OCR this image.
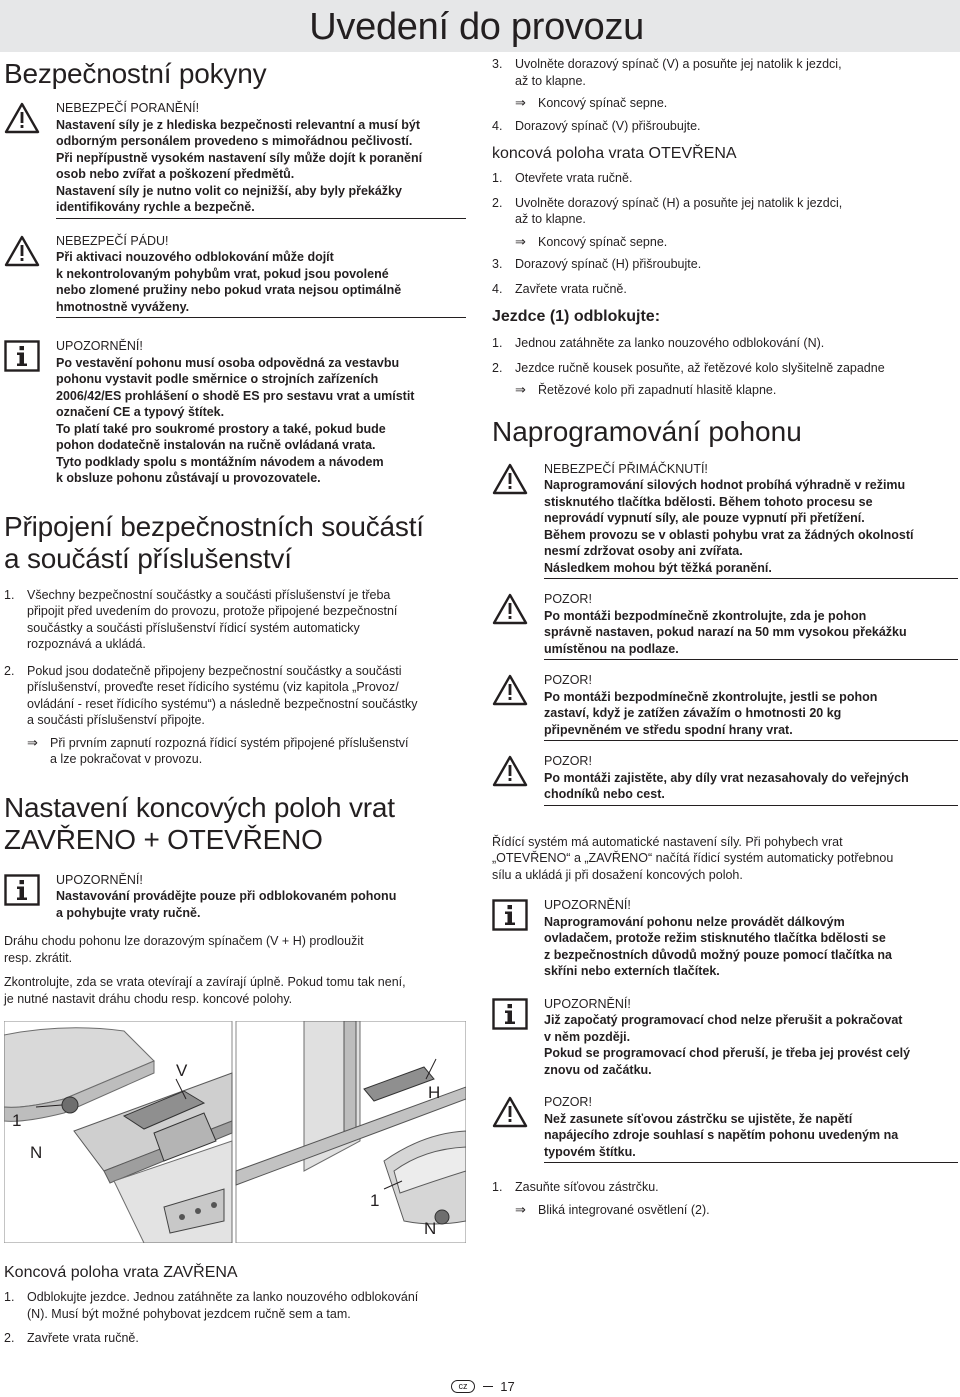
Uvedení do provozu
Bezpečnostní pokyny
NEBEZPEČÍ PORANĚNÍ!
Nastavení síly je z hlediska bezpečnosti relevantní a musí být
odborným personálem provedeno s mimořádnou pečlivostí.
Při nepřípustně vysokém nastavení síly může dojít k poranění
osob nebo zvířat a poškození předmětů.
Nastavení síly je nutno volit co nejnižší, aby byly překážky
identifikovány rychle a bezpečně.
NEBEZPEČÍ PÁDU!
Při aktivaci nouzového odblokování může dojít
k nekontrolovaným pohybům vrat, pokud jsou povolené
nebo zlomené pružiny nebo pokud vrata nejsou optimálně
hmotnostně vyváženy.
UPOZORNĚNÍ!
Po vestavění pohonu musí osoba odpovědná za vestavbu
pohonu vystavit podle směrnice o strojních zařízeních
2006/42/ES prohlášení o shodě ES pro sestavu vrat a umístit
označení CE a typový štítek.
To platí také pro soukromé prostory a také, pokud bude
pohon dodatečně instalován na ručně ovládaná vrata.
Tyto podklady spolu s montážním návodem a návodem
k obsluze pohonu zůstávají u provozovatele.
Připojení bezpečnostních součástí
a součástí příslušenství
1. Všechny bezpečnostní součástky a součásti příslušenství je třeba
připojit před uvedením do provozu, protože připojené bezpečnostní
součástky a součásti příslušenství řídicí systém automaticky
rozpoznává a ukládá.
2. Pokud jsou dodatečně připojeny bezpečnostní součástky a součásti
příslušenství, proveďte reset řídicího systému (viz kapitola „Provoz/
ovládání - reset řídicího systému“) a následně bezpečnostní součástky
a součásti příslušenství připojte.
⇒ Při prvním zapnutí rozpozná řídicí systém připojené příslušenství
a lze pokračovat v provozu.
Nastavení koncových poloh vrat
ZAVŘENO + OTEVŘENO
UPOZORNĚNÍ!
Nastavování provádějte pouze při odblokovaném pohonu
a pohybujte vraty ručně.
Dráhu chodu pohonu lze dorazovým spínačem (V + H) prodloužit
resp. zkrátit.
Zkontrolujte, zda se vrata otevírají a zavírají úplně. Pokud tomu tak není,
je nutné nastavit dráhu chodu resp. koncové polohy.
V
H
1
N
1
N
Koncová poloha vrata ZAVŘENA
1. Odblokujte jezdce. Jednou zatáhněte za lanko nouzového odblokování
(N). Musí být možné pohybovat jezdcem ručně sem a tam.
2. Zavřete vrata ručně.
3. Uvolněte dorazový spínač (V) a posuňte jej natolik k jezdci,
až to klapne.
⇒ Koncový spínač sepne.
4. Dorazový spínač (V) přišroubujte.
koncová poloha vrata OTEVŘENA
1. Otevřete vrata ručně.
2. Uvolněte dorazový spínač (H) a posuňte jej natolik k jezdci,
až to klapne.
⇒ Koncový spínač sepne.
3. Dorazový spínač (H) přišroubujte.
4. Zavřete vrata ručně.
Jezdce (1) odblokujte:
1. Jednou zatáhněte za lanko nouzového odblokování (N).
2. Jezdce ručně kousek posuňte, až řetězové kolo slyšitelně zapadne
⇒ Řetězové kolo při zapadnutí hlasitě klapne.
Naprogramování pohonu
NEBEZPEČÍ PŘIMÁČKNUTÍ!
Naprogramování silových hodnot probíhá výhradně v režimu
stisknutého tlačítka bdělosti. Během tohoto procesu se
neprovádí vypnutí síly, ale pouze vypnutí při přetížení.
Během provozu se v oblasti pohybu vrat za žádných okolností
nesmí zdržovat osoby ani zvířata.
Následkem mohou být těžká poranění.
POZOR!
Po montáži bezpodmínečně zkontrolujte, zda je pohon
správně nastaven, pokud narazí na 50 mm vysokou překážku
umístěnou na podlaze.
POZOR!
Po montáži bezpodmínečně zkontrolujte, jestli se pohon
zastaví, když je zatížen závažím o hmotnosti 20 kg
připevněném ve středu spodní hrany vrat.
POZOR!
Po montáži zajistěte, aby díly vrat nezasahovaly do veřejných
chodníků nebo cest.
Řídící systém má automatické nastavení síly. Při pohybech vrat
„OTEVŘENO“ a „ZAVŘENO“ načítá řídicí systém automaticky potřebnou
sílu a ukládá ji při dosažení koncových poloh.
UPOZORNĚNÍ!
Naprogramování pohonu nelze provádět dálkovým
ovladačem, protože režim stisknutého tlačítka bdělosti se
z bezpečnostních důvodů možný pouze pomocí tlačítka na
skříni nebo externích tlačítek.
UPOZORNĚNÍ!
Již započatý programovací chod nelze přerušit a pokračovat
v něm později.
Pokud se programovací chod přeruší, je třeba jej provést celý
znovu od začátku.
POZOR!
Než zasunete síťovou zástrčku se ujistěte, že napětí
napájecího zdroje souhlasí s napětím pohonu uvedeným na
typovém štítku.
1. Zasuňte síťovou zástrčku.
⇒ Bliká integrované osvětlení (2).
cz	17
